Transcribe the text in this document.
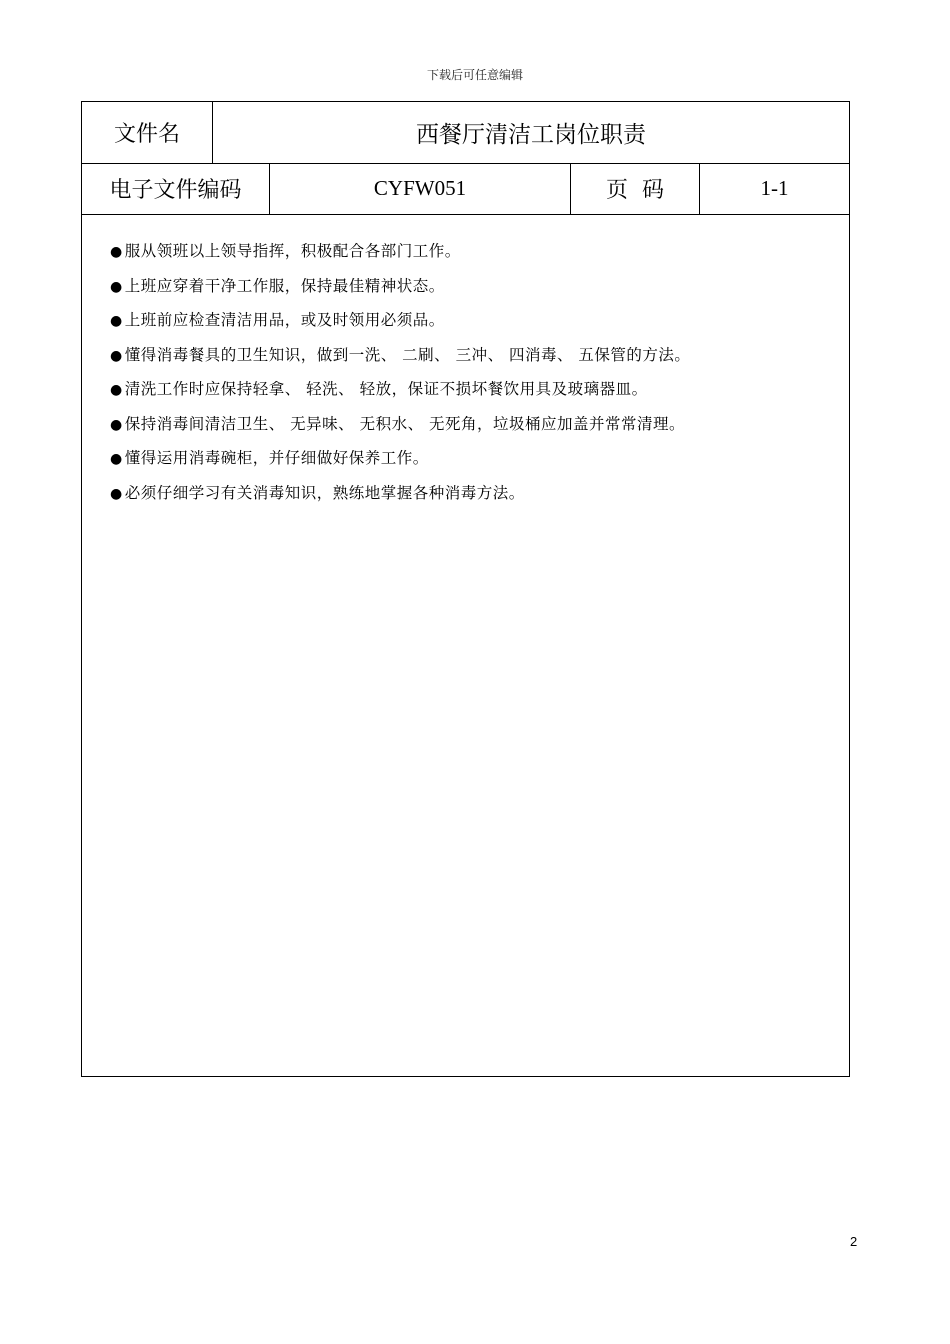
下载后可任意编辑
文件名	西餐厅清洁工岗位职责
电子文件编码	CYFW051	页  码	1-1
● 服从领班以上领导指挥，积极配合各部门工作。
● 上班应穿着干净工作服，保持最佳精神状态。
● 上班前应检查清洁用品，或及时领用必须品。
● 懂得消毒餐具的卫生知识，做到一洗、 二刷、 三冲、 四消毒、 五保管的方法。
● 清洗工作时应保持轻拿、 轻洗、 轻放，保证不损坏餐饮用具及玻璃器皿。
● 保持消毒间清洁卫生、 无异味、 无积水、 无死角，垃圾桶应加盖并常常清理。
● 懂得运用消毒碗柜，并仔细做好保养工作。
● 必须仔细学习有关消毒知识，熟练地掌握各种消毒方法。
2
